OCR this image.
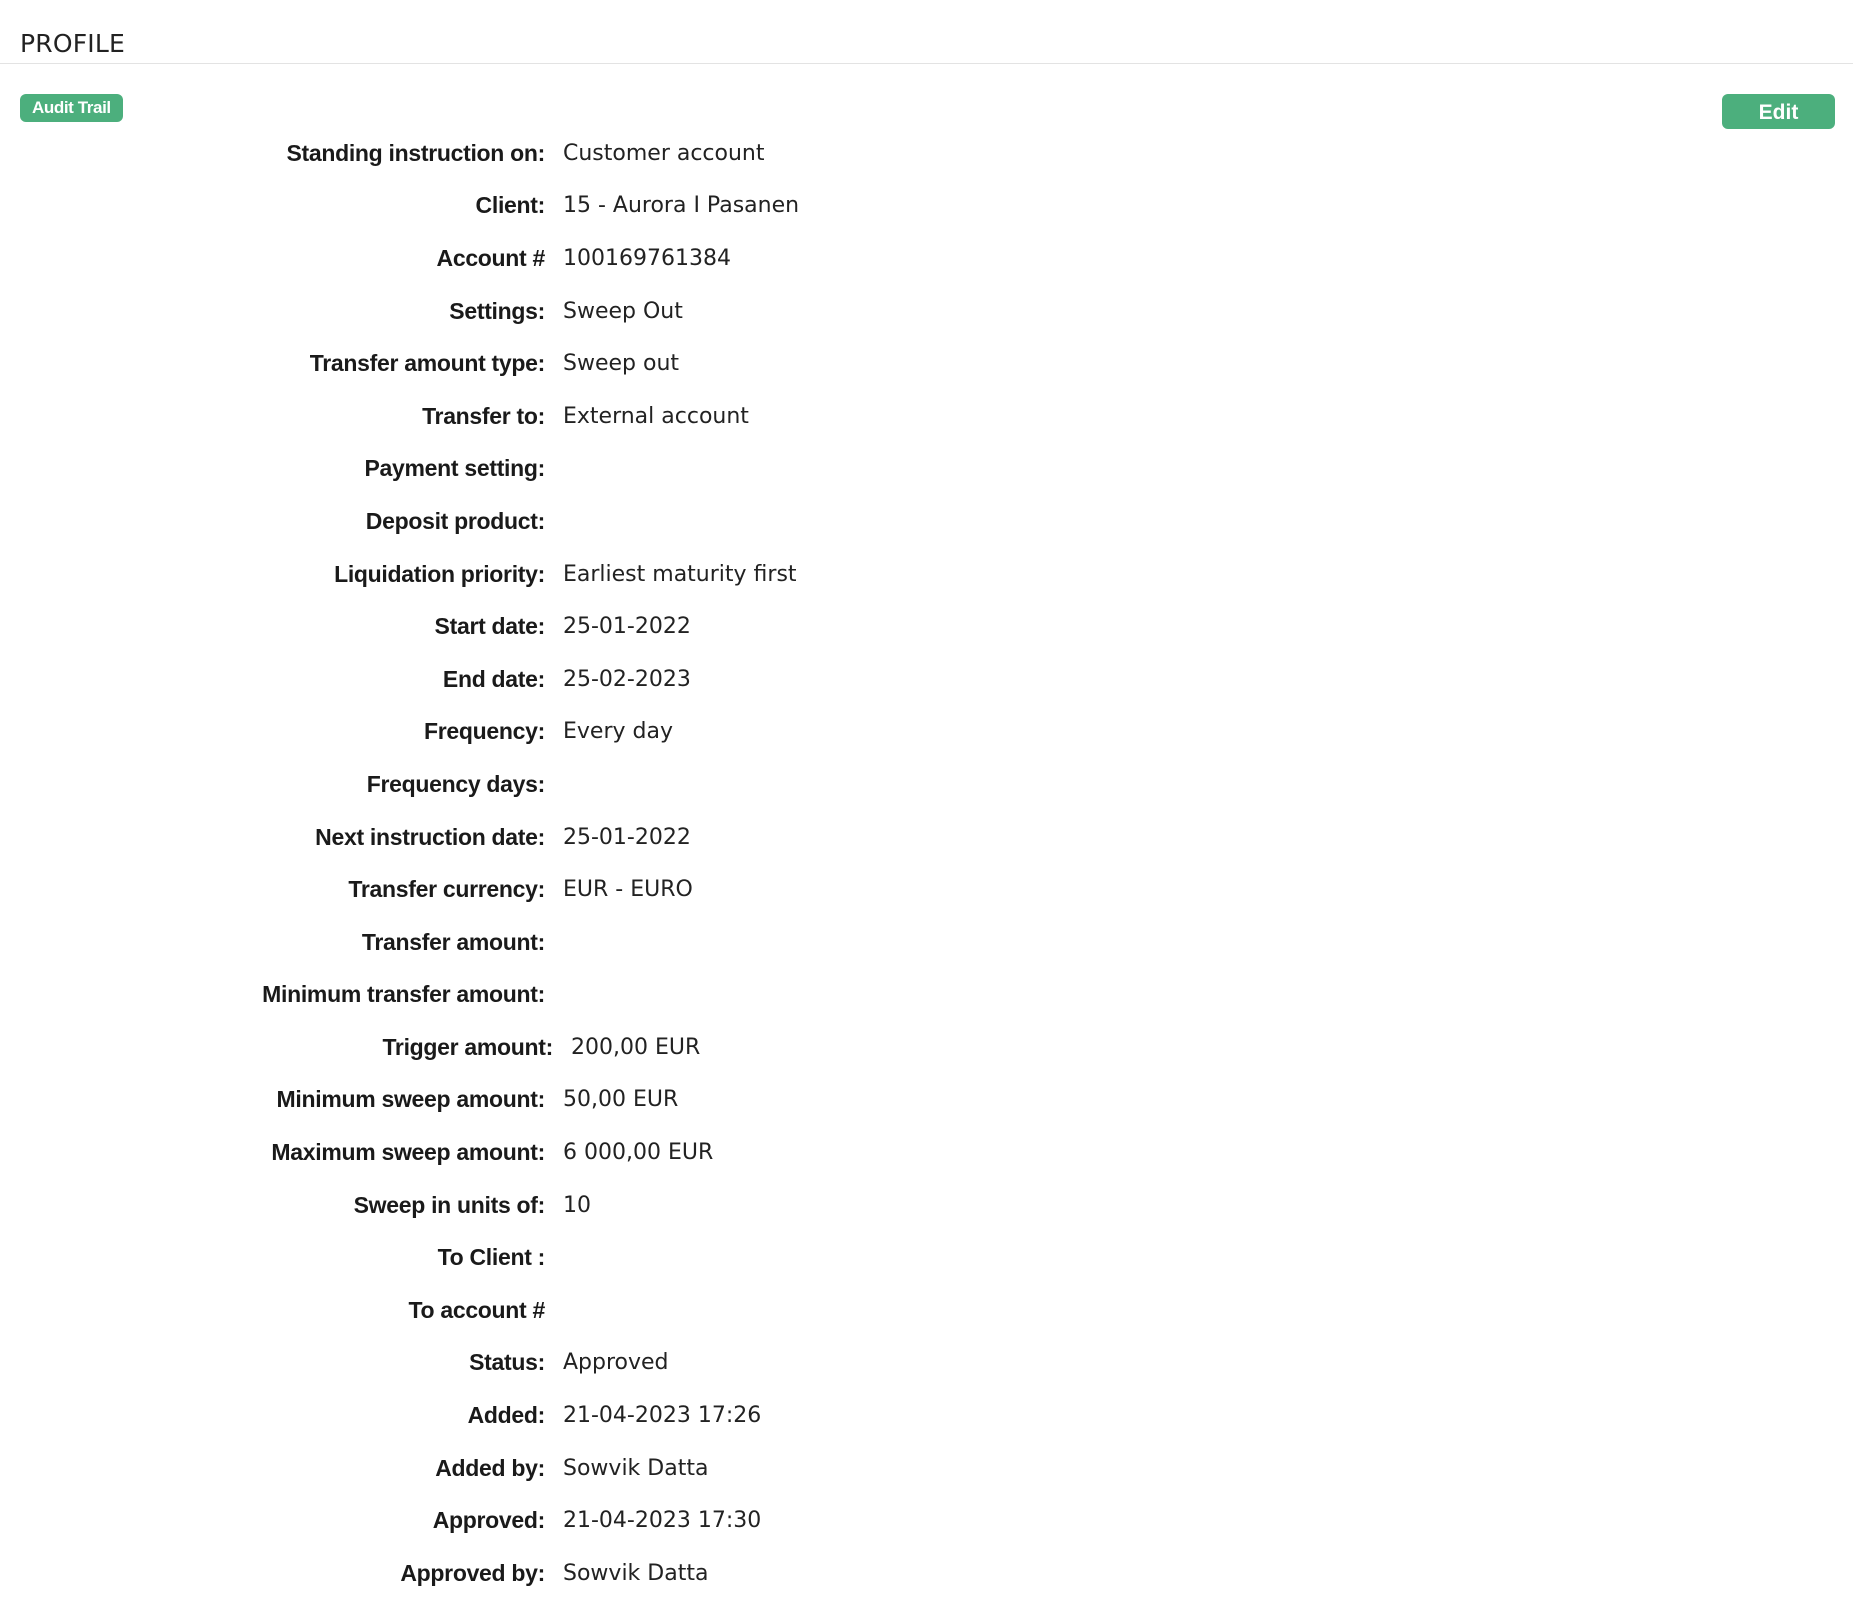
PROFILE
Audit Trail	Edit
Standing instruction on: Customer account
Client: 15 - Aurora I Pasanen
Account # 100169761384
Settings: Sweep Out
Transfer amount type: Sweep out
Transfer to: External account
Payment setting:
Deposit product:
Liquidation priority: Earliest maturity first
Start date: 25-01-2022
End date: 25-02-2023
Frequency: Every day
Frequency days:
Next instruction date: 25-01-2022
Transfer currency: EUR - EURO
Transfer amount:
Minimum transfer amount:
Trigger amount: 200,00 EUR
Minimum sweep amount: 50,00 EUR
Maximum sweep amount: 6 000,00 EUR
Sweep in units of: 10
To Client :
To account #
Status: Approved
Added: 21-04-2023 17:26
Added by: Sowvik Datta
Approved: 21-04-2023 17:30
Approved by: Sowvik Datta
